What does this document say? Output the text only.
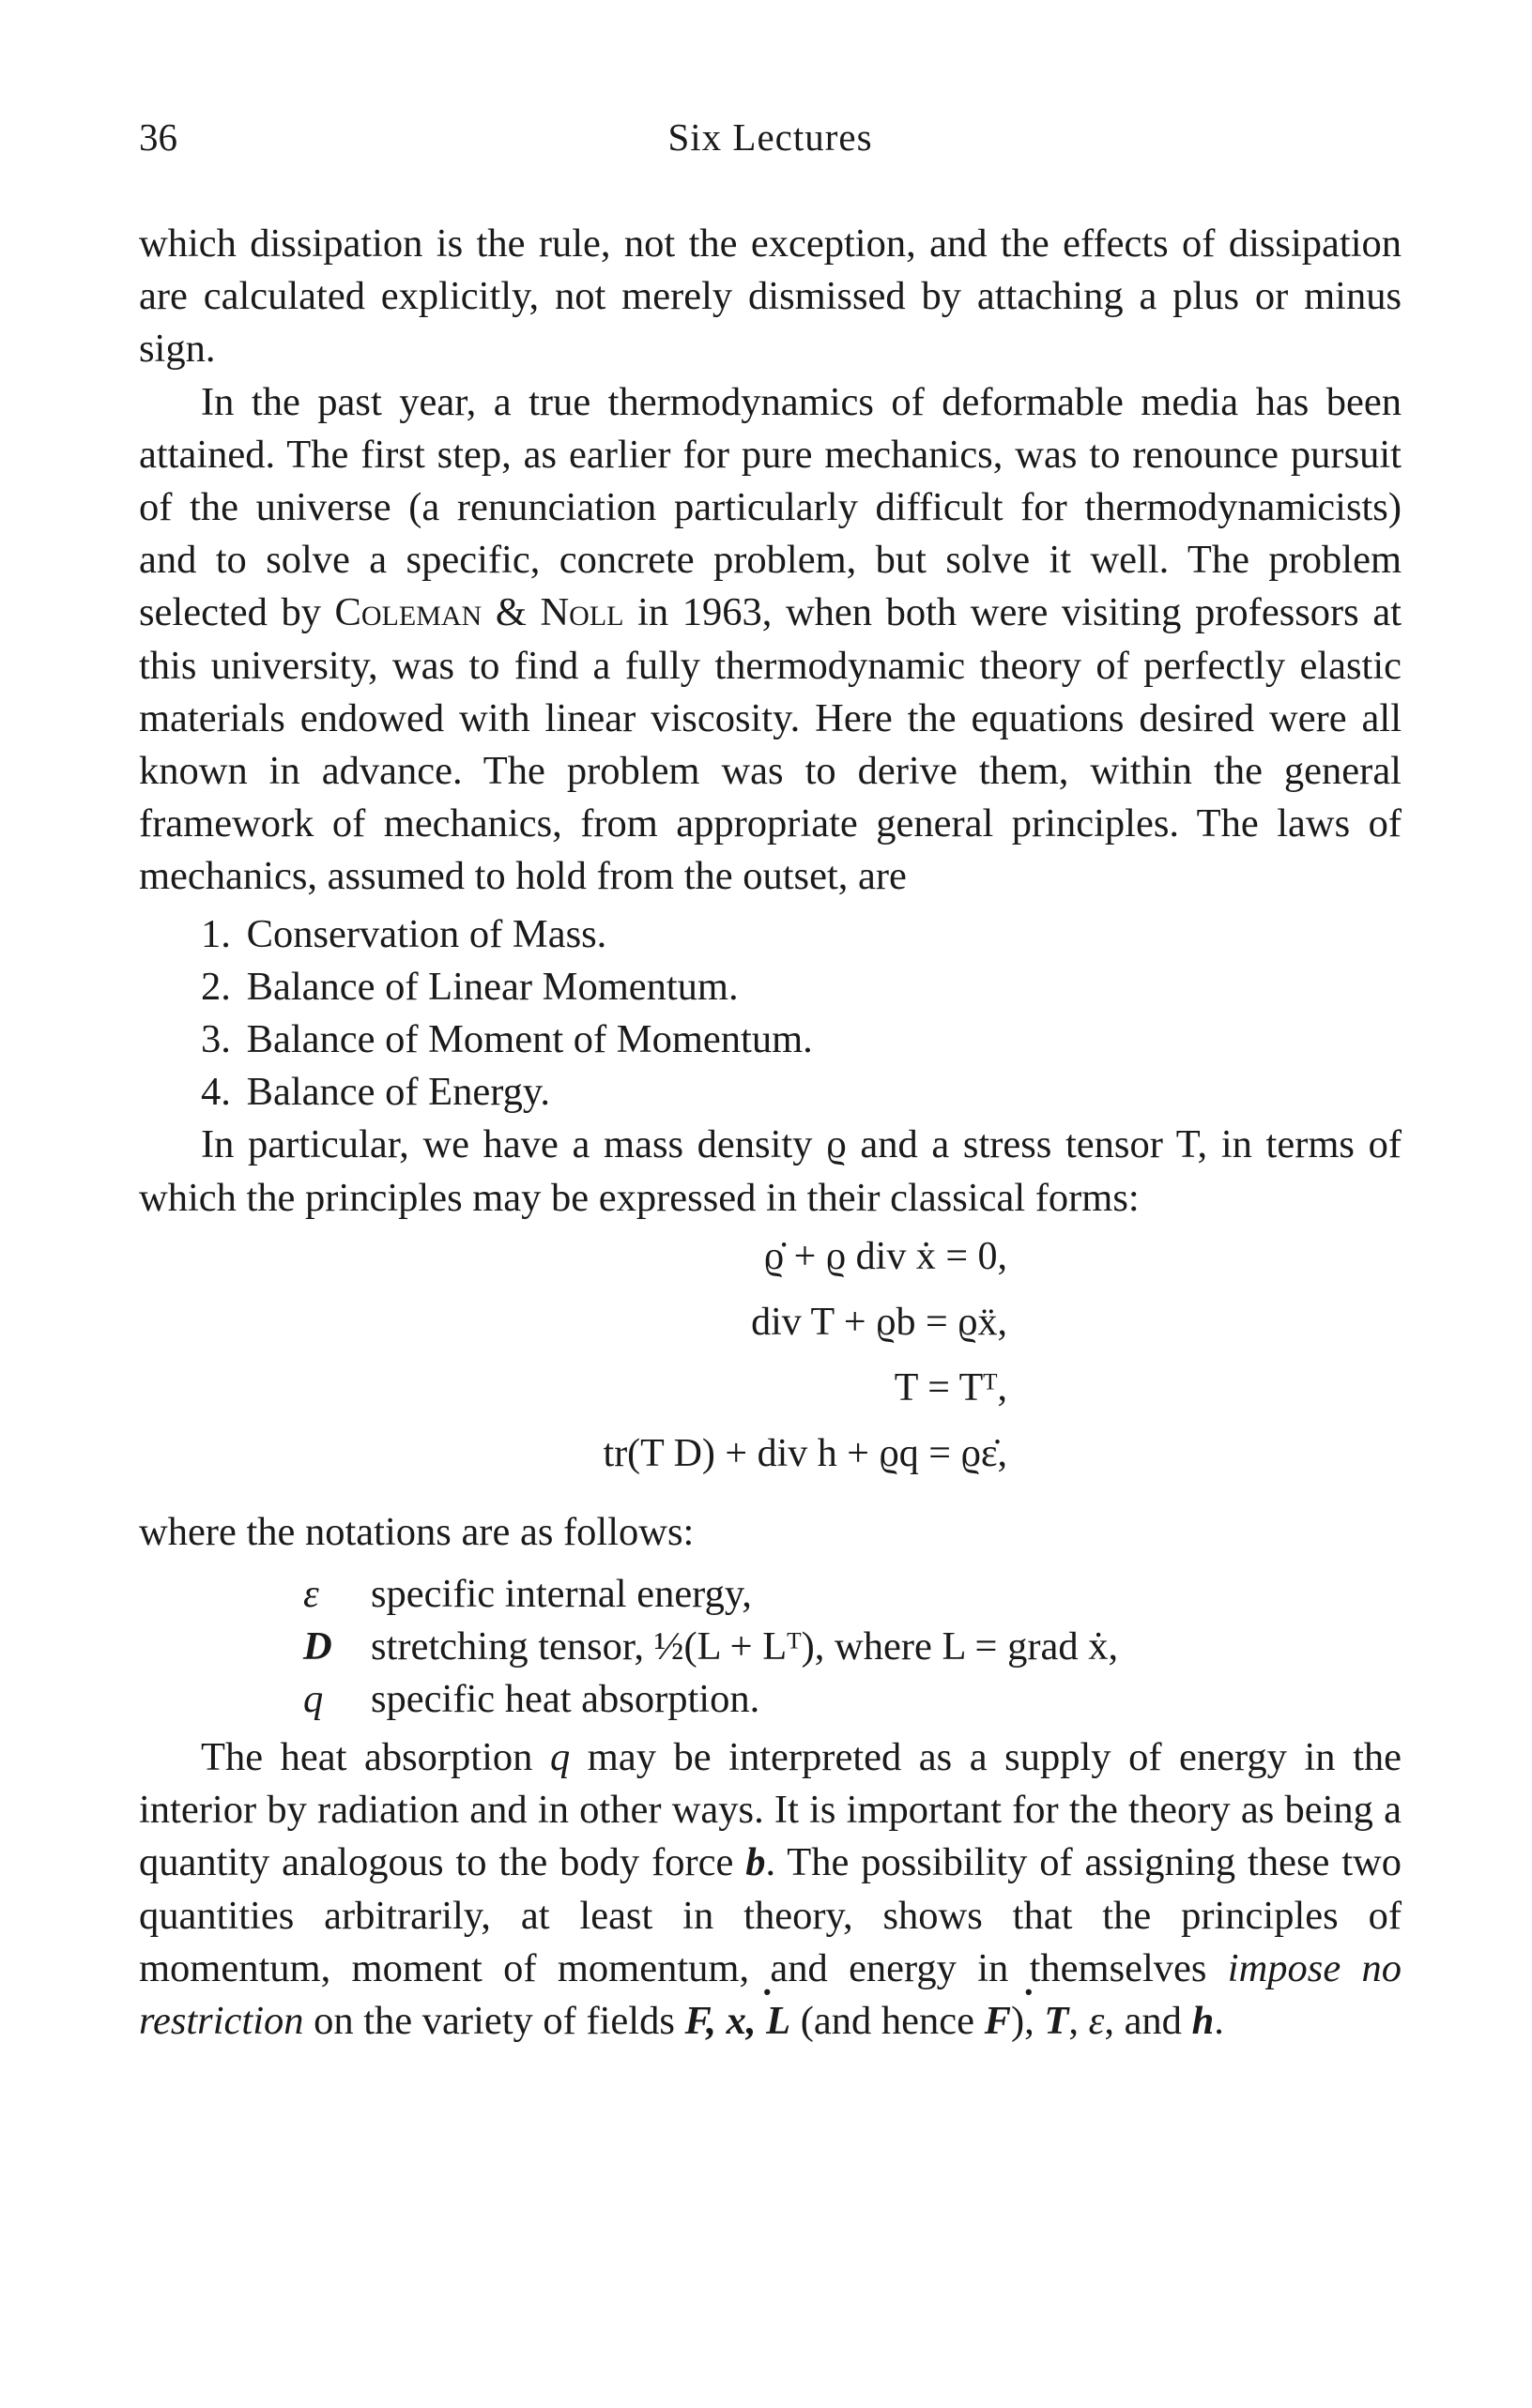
36	Six Lectures

which dissipation is the rule, not the exception, and the effects of dissipation are calculated explicitly, not merely dismissed by attaching a plus or minus sign.

In the past year, a true thermodynamics of deformable media has been attained. The first step, as earlier for pure mechanics, was to renounce pursuit of the universe (a renunciation particularly difficult for thermodynamicists) and to solve a specific, concrete problem, but solve it well. The problem selected by Coleman & Noll in 1963, when both were visiting professors at this university, was to find a fully thermodynamic theory of perfectly elastic materials endowed with linear viscosity. Here the equations desired were all known in advance. The problem was to derive them, within the general framework of mechanics, from appropriate general principles. The laws of mechanics, assumed to hold from the outset, are

1. Conservation of Mass.
2. Balance of Linear Momentum.
3. Balance of Moment of Momentum.
4. Balance of Energy.

In particular, we have a mass density ϱ and a stress tensor T, in terms of which the principles may be expressed in their classical forms:

ϱ̇ + ϱ div ẋ = 0,
div T + ϱb = ϱẍ,
T = Tᵀ,
tr(T D) + div h + ϱq = ϱε̇,

where the notations are as follows:

ε	specific internal energy,
D stretching tensor, ½(L + Lᵀ), where L = grad ẋ,
q	specific heat absorption.

The heat absorption q may be interpreted as a supply of energy in the interior by radiation and in other ways. It is important for the theory as being a quantity analogous to the body force b. The possibility of assigning these two quantities arbitrarily, at least in theory, shows that the principles of momentum, moment of momentum, and energy in themselves impose no restriction on the variety of fields F, x ˙, L (and hence F ˙), T, ε, and h.
